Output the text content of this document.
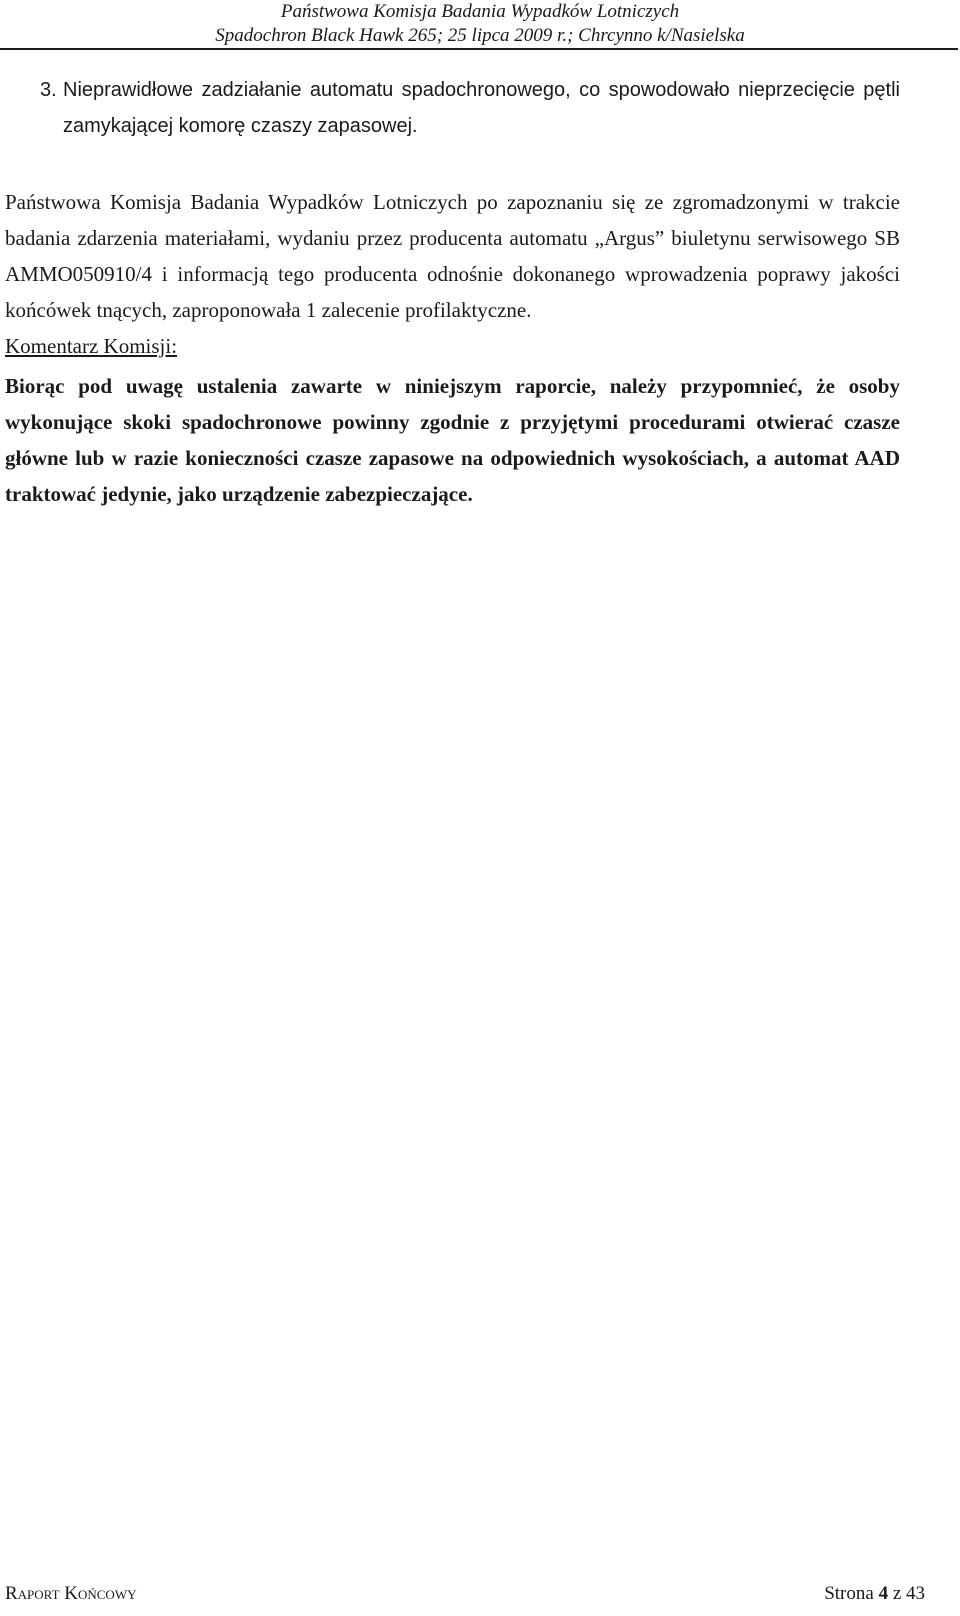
Państwowa Komisja Badania Wypadków Lotniczych
Spadochron Black Hawk 265; 25 lipca 2009 r.; Chrcynno k/Nasielska
3. Nieprawidłowe zadziałanie automatu spadochronowego, co spowodowało nieprzecięcie pętli zamykającej komorę czaszy zapasowej.

Państwowa Komisja Badania Wypadków Lotniczych po zapoznaniu się ze zgromadzonymi w trakcie badania zdarzenia materiałami, wydaniu przez producenta automatu „Argus” biuletynu serwisowego SB AMMO050910/4 i informacją tego producenta odnośnie dokonanego wprowadzenia poprawy jakości końcówek tnących, zaproponowała 1 zalecenie profilaktyczne.

Komentarz Komisji:

Biorąc pod uwagę ustalenia zawarte w niniejszym raporcie, należy przypomnieć, że osoby wykonujące skoki spadochronowe powinny zgodnie z przyjętymi procedurami otwierać czasze główne lub w razie konieczności czasze zapasowe na odpowiednich wysokościach, a automat AAD traktować jedynie, jako urządzenie zabezpieczające.

Raport Końcowy	Strona 4 z 43
